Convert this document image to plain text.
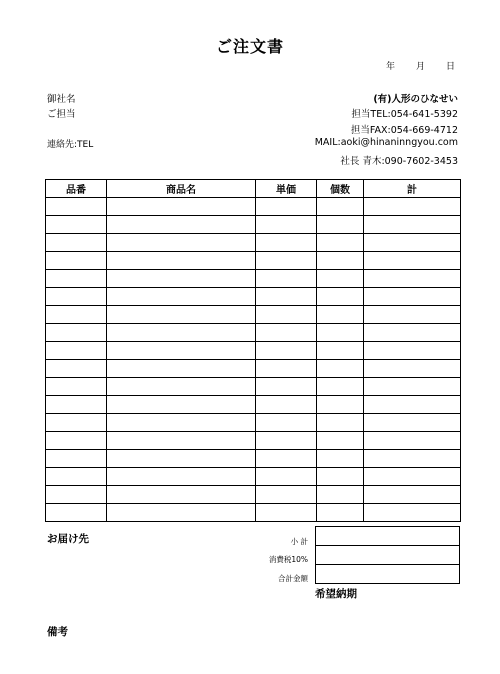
ご注文書
年 月 日
御社名
ご担当
連絡先:TEL
(有)人形のひなせい
担当TEL:054-641-5392
担当FAX:054-669-4712
MAIL:aoki@hinaninngyou.com
社長 青木:090-7602-3453
品番	商品名	単価	個数	計

お届け先	小 計
消費税10%
合計金額

希望納期
備考
